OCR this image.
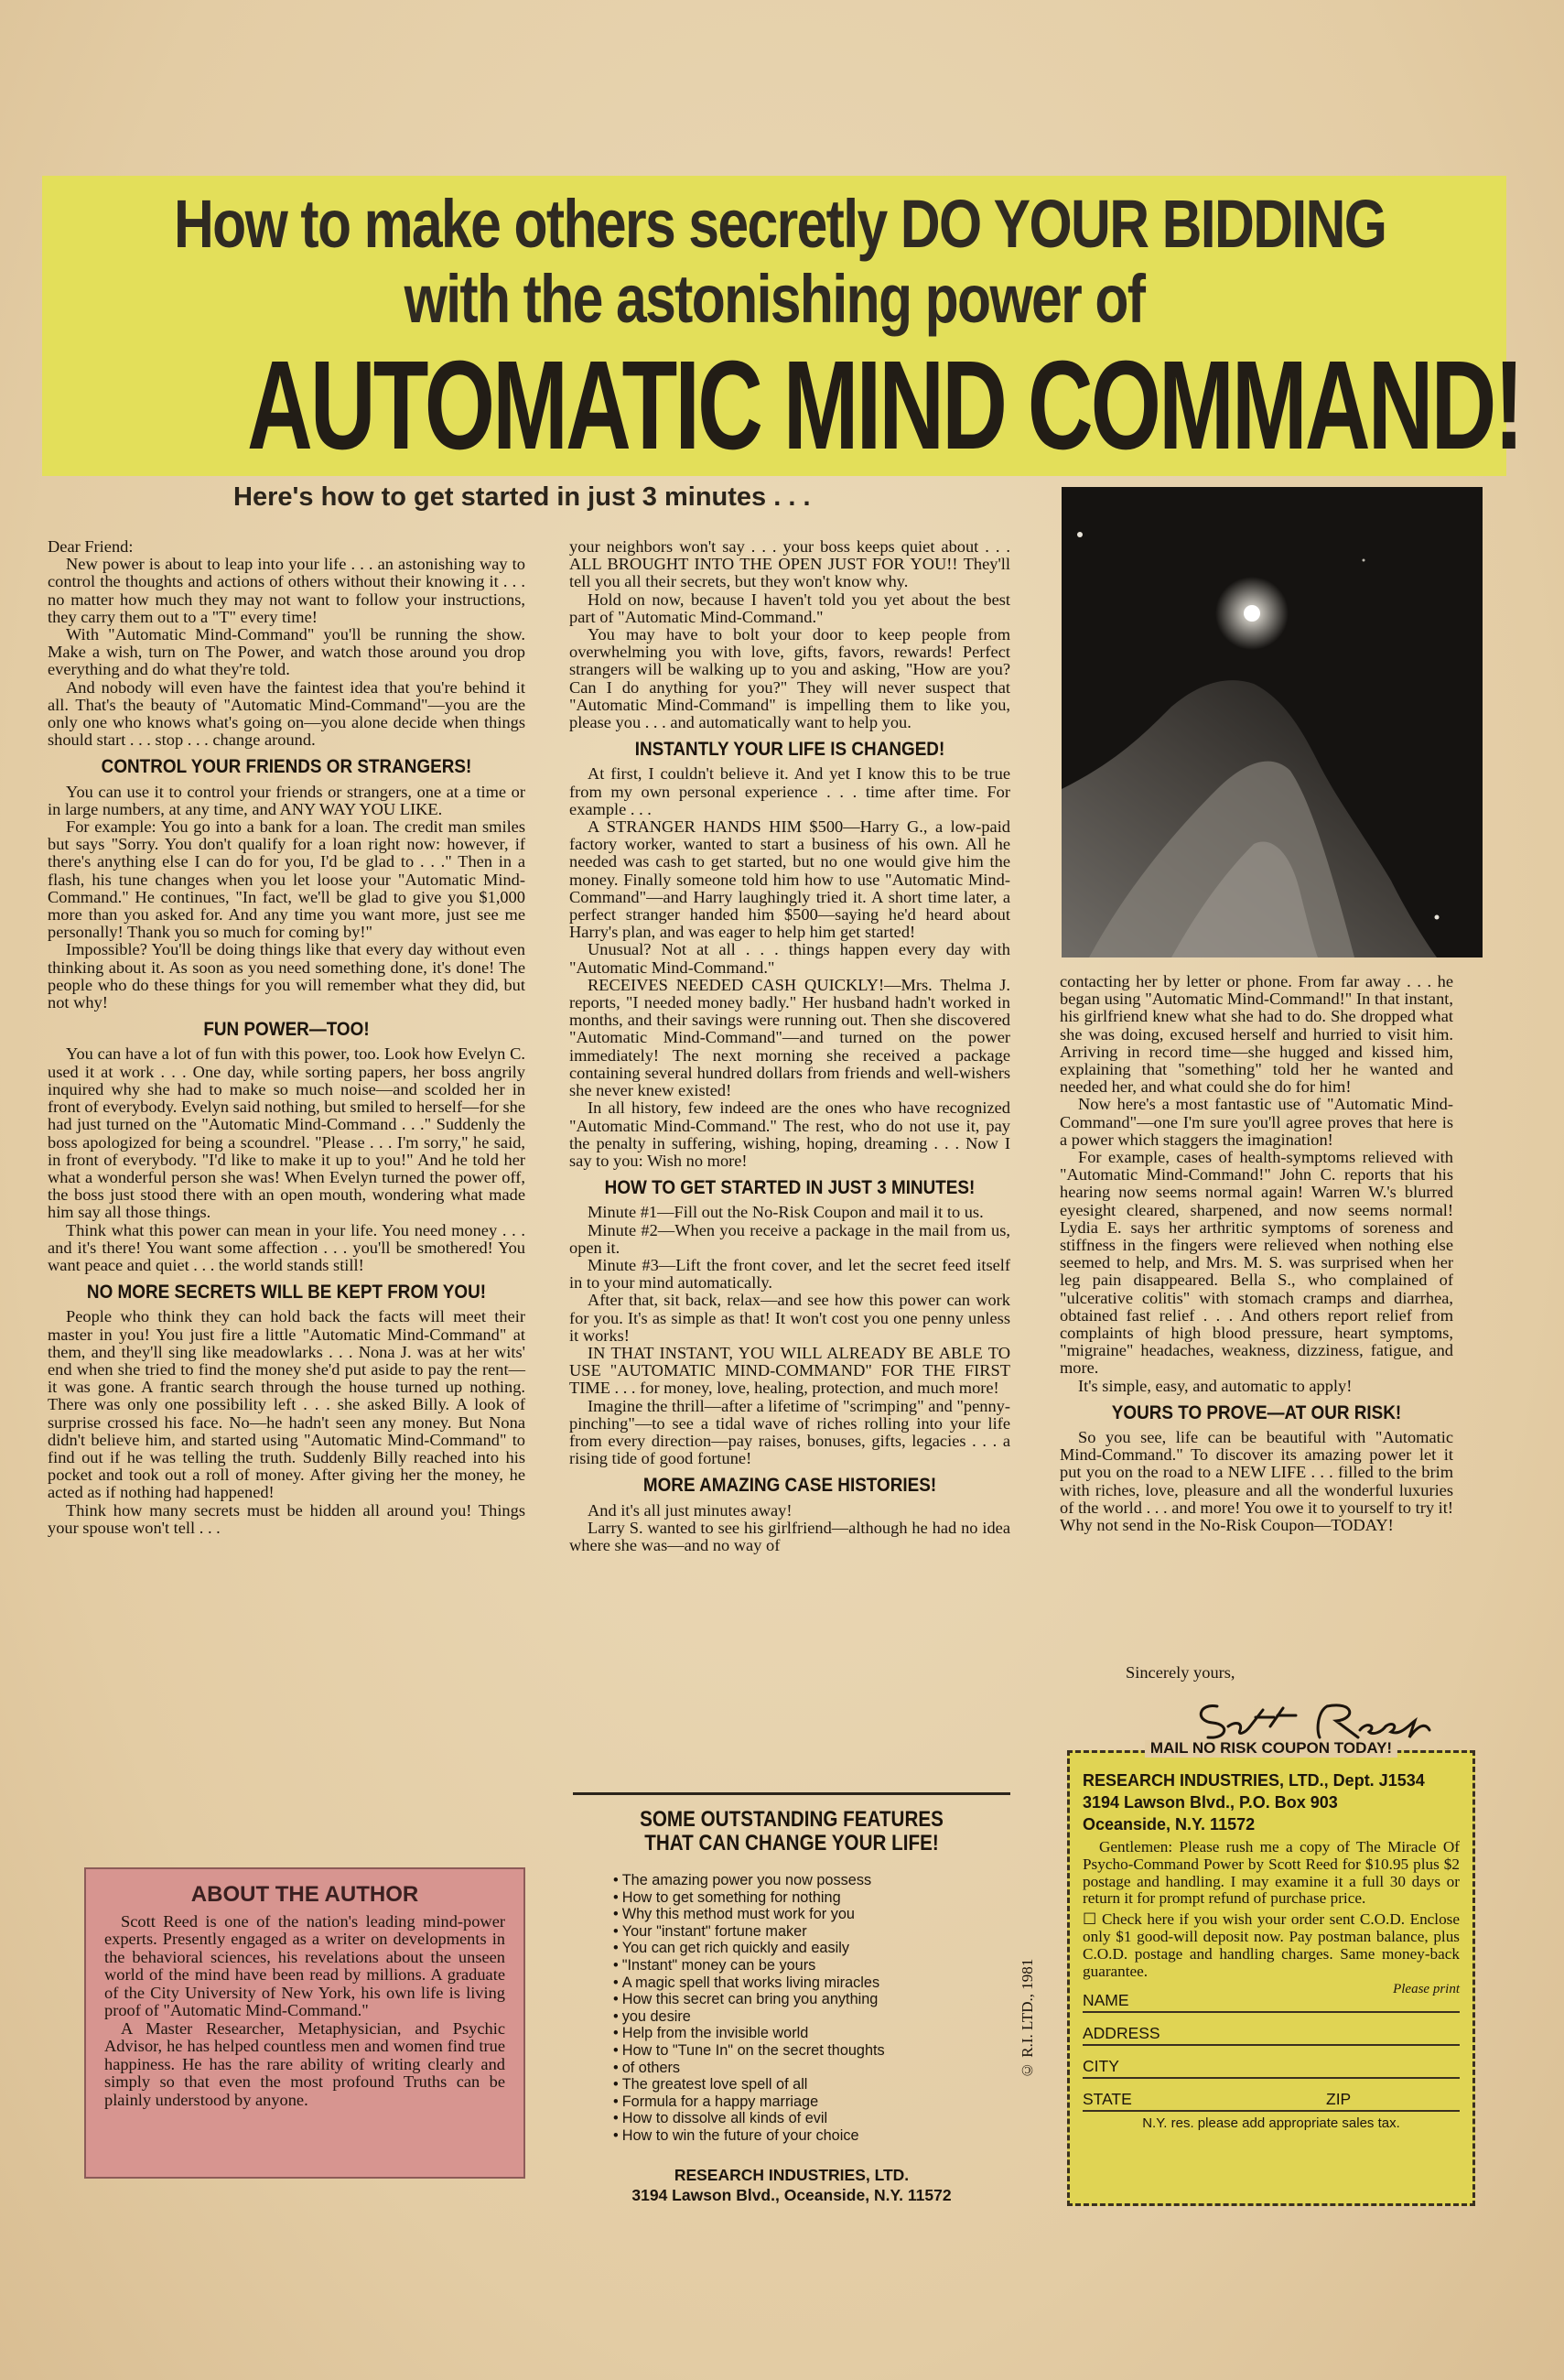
How to make others secretly DO YOUR BIDDING
with the astonishing power of
AUTOMATIC MIND COMMAND!
Here's how to get started in just 3 minutes . . .

Dear Friend:

New power is about to leap into your life . . . an astonishing way to control the thoughts and actions of others without their knowing it . . . no matter how much they may not want to follow your instructions, they carry them out to a "T" every time!

With "Automatic Mind-Command" you'll be running the show. Make a wish, turn on The Power, and watch those around you drop everything and do what they're told.

And nobody will even have the faintest idea that you're behind it all. That's the beauty of "Automatic Mind-Command"—you are the only one who knows what's going on—you alone decide when things should start . . . stop . . . change around.

CONTROL YOUR FRIENDS OR STRANGERS!

You can use it to control your friends or strangers, one at a time or in large numbers, at any time, and ANY WAY YOU LIKE.

For example: You go into a bank for a loan. The credit man smiles but says "Sorry. You don't qualify for a loan right now: however, if there's anything else I can do for you, I'd be glad to . . ." Then in a flash, his tune changes when you let loose your "Automatic Mind-Command." He continues, "In fact, we'll be glad to give you $1,000 more than you asked for. And any time you want more, just see me personally! Thank you so much for coming by!"

Impossible? You'll be doing things like that every day without even thinking about it. As soon as you need something done, it's done! The people who do these things for you will remember what they did, but not why!

FUN POWER—TOO!

You can have a lot of fun with this power, too. Look how Evelyn C. used it at work . . . One day, while sorting papers, her boss angrily inquired why she had to make so much noise—and scolded her in front of everybody. Evelyn said nothing, but smiled to herself—for she had just turned on the "Automatic Mind-Command . . ." Suddenly the boss apologized for being a scoundrel. "Please . . . I'm sorry," he said, in front of everybody. "I'd like to make it up to you!" And he told her what a wonderful person she was! When Evelyn turned the power off, the boss just stood there with an open mouth, wondering what made him say all those things.

Think what this power can mean in your life. You need money . . . and it's there! You want some affection . . . you'll be smothered! You want peace and quiet . . . the world stands still!

NO MORE SECRETS WILL BE KEPT FROM YOU!

People who think they can hold back the facts will meet their master in you! You just fire a little "Automatic Mind-Command" at them, and they'll sing like meadowlarks . . . Nona J. was at her wits' end when she tried to find the money she'd put aside to pay the rent—it was gone. A frantic search through the house turned up nothing. There was only one possibility left . . . she asked Billy. A look of surprise crossed his face. No—he hadn't seen any money. But Nona didn't believe him, and started using "Automatic Mind-Command" to find out if he was telling the truth. Suddenly Billy reached into his pocket and took out a roll of money. After giving her the money, he acted as if nothing had happened!

Think how many secrets must be hidden all around you! Things your spouse won't tell . . .

your neighbors won't say . . . your boss keeps quiet about . . . ALL BROUGHT INTO THE OPEN JUST FOR YOU!! They'll tell you all their secrets, but they won't know why.

Hold on now, because I haven't told you yet about the best part of "Automatic Mind-Command."

You may have to bolt your door to keep people from overwhelming you with love, gifts, favors, rewards! Perfect strangers will be walking up to you and asking, "How are you? Can I do anything for you?" They will never suspect that "Automatic Mind-Command" is impelling them to like you, please you . . . and automatically want to help you.

INSTANTLY YOUR LIFE IS CHANGED!

At first, I couldn't believe it. And yet I know this to be true from my own personal experience . . . time after time. For example . . .

A STRANGER HANDS HIM $500—Harry G., a low-paid factory worker, wanted to start a business of his own. All he needed was cash to get started, but no one would give him the money. Finally someone told him how to use "Automatic Mind-Command"—and Harry laughingly tried it. A short time later, a perfect stranger handed him $500—saying he'd heard about Harry's plan, and was eager to help him get started!

Unusual? Not at all . . . things happen every day with "Automatic Mind-Command."

RECEIVES NEEDED CASH QUICKLY!—Mrs. Thelma J. reports, "I needed money badly." Her husband hadn't worked in months, and their savings were running out. Then she discovered "Automatic Mind-Command"—and turned on the power immediately! The next morning she received a package containing several hundred dollars from friends and well-wishers she never knew existed!

In all history, few indeed are the ones who have recognized "Automatic Mind-Command." The rest, who do not use it, pay the penalty in suffering, wishing, hoping, dreaming . . . Now I say to you: Wish no more!

HOW TO GET STARTED IN JUST 3 MINUTES!

Minute #1—Fill out the No-Risk Coupon and mail it to us.

Minute #2—When you receive a package in the mail from us, open it.

Minute #3—Lift the front cover, and let the secret feed itself in to your mind automatically.

After that, sit back, relax—and see how this power can work for you. It's as simple as that! It won't cost you one penny unless it works!

IN THAT INSTANT, YOU WILL ALREADY BE ABLE TO USE "AUTOMATIC MIND-COMMAND" FOR THE FIRST TIME . . . for money, love, healing, protection, and much more!

Imagine the thrill—after a lifetime of "scrimping" and "penny-pinching"—to see a tidal wave of riches rolling into your life from every direction—pay raises, bonuses, gifts, legacies . . . a rising tide of good fortune!

MORE AMAZING CASE HISTORIES!

And it's all just minutes away!

Larry S. wanted to see his girlfriend—although he had no idea where she was—and no way of

contacting her by letter or phone. From far away . . . he began using "Automatic Mind-Command!" In that instant, his girlfriend knew what she had to do. She dropped what she was doing, excused herself and hurried to visit him. Arriving in record time—she hugged and kissed him, explaining that "something" told her he wanted and needed her, and what could she do for him!

Now here's a most fantastic use of "Automatic Mind-Command"—one I'm sure you'll agree proves that here is a power which staggers the imagination!

For example, cases of health-symptoms relieved with "Automatic Mind-Command!" John C. reports that his hearing now seems normal again! Warren W.'s blurred eyesight cleared, sharpened, and now seems normal! Lydia E. says her arthritic symptoms of soreness and stiffness in the fingers were relieved when nothing else seemed to help, and Mrs. M. S. was surprised when her leg pain disappeared. Bella S., who complained of "ulcerative colitis" with stomach cramps and diarrhea, obtained fast relief . . . And others report relief from complaints of high blood pressure, heart symptoms, "migraine" headaches, weakness, dizziness, fatigue, and more.

It's simple, easy, and automatic to apply!

YOURS TO PROVE—AT OUR RISK!

So you see, life can be beautiful with "Automatic Mind-Command." To discover its amazing power let it put you on the road to a NEW LIFE . . . filled to the brim with riches, love, pleasure and all the wonderful luxuries of the world . . . and more! You owe it to yourself to try it! Why not send in the No-Risk Coupon—TODAY!

Sincerely yours,
ABOUT THE AUTHOR

Scott Reed is one of the nation's leading mind-power experts. Presently engaged as a writer on developments in the behavioral sciences, his revelations about the unseen world of the mind have been read by millions. A graduate of the City University of New York, his own life is living proof of "Automatic Mind-Command."

A Master Researcher, Metaphysician, and Psychic Advisor, he has helped countless men and women find true happiness. He has the rare ability of writing clearly and simply so that even the most profound Truths can be plainly understood by anyone.

SOME OUTSTANDING FEATURES
THAT CAN CHANGE YOUR LIFE!
• The amazing power you now possess
• How to get something for nothing
• Why this method must work for you
• Your "instant" fortune maker
• You can get rich quickly and easily
• "Instant" money can be yours
• A magic spell that works living miracles
• How this secret can bring you anything
• you desire
• Help from the invisible world
• How to "Tune In" on the secret thoughts
• of others
• The greatest love spell of all
• Formula for a happy marriage
• How to dissolve all kinds of evil
• How to win the future of your choice
RESEARCH INDUSTRIES, LTD.
3194 Lawson Blvd., Oceanside, N.Y. 11572
© R.I. LTD., 1981
MAIL NO RISK COUPON TODAY!
RESEARCH INDUSTRIES, LTD., Dept. J1534
3194 Lawson Blvd., P.O. Box 903
Oceanside, N.Y. 11572

Gentlemen: Please rush me a copy of The Miracle Of Psycho-Command Power by Scott Reed for $10.95 plus $2 postage and handling. I may examine it a full 30 days or return it for prompt refund of purchase price.

☐ Check here if you wish your order sent C.O.D. Enclose only $1 good-will deposit now. Pay postman balance, plus C.O.D. postage and handling charges. Same money-back guarantee.

NAME
Please print
ADDRESS
CITY
STATE	ZIP
N.Y. res. please add appropriate sales tax.
